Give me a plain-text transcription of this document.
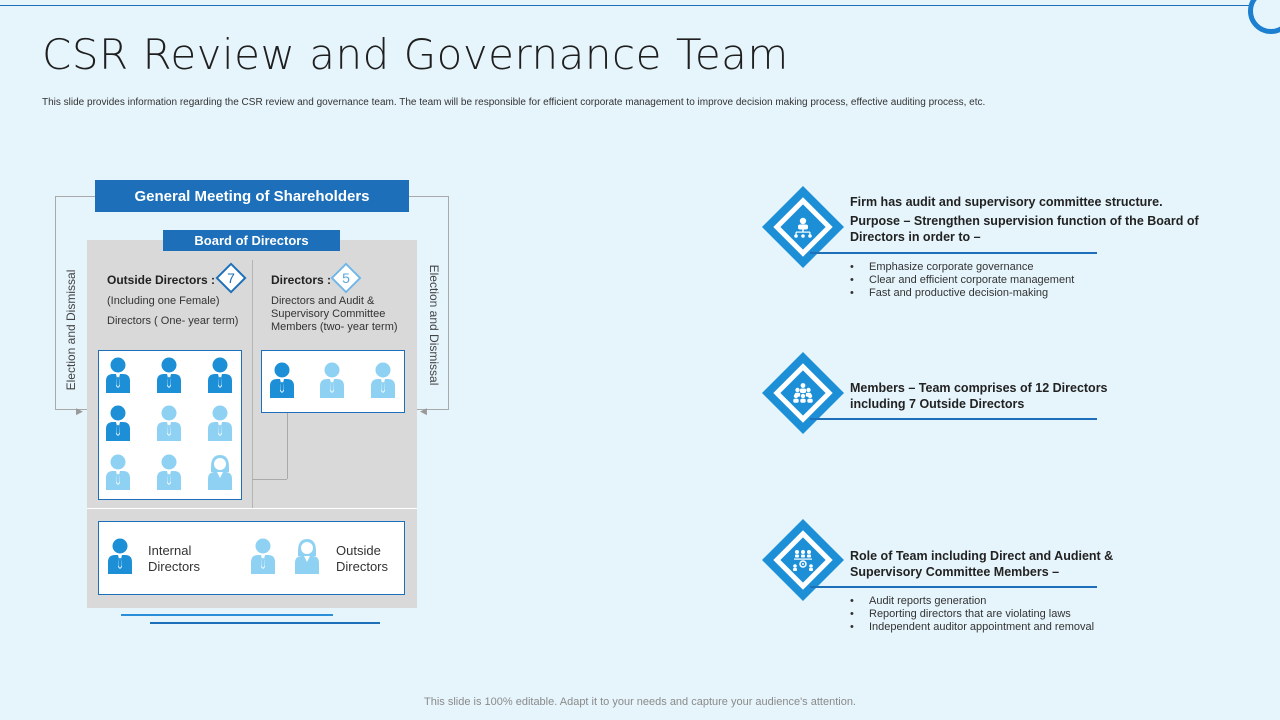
CSR Review and Governance Team

This slide provides information regarding the CSR review and governance team. The team will be responsible for efficient corporate management to improve decision making process, effective auditing process, etc.

▶	◀
Election and Dismissal	Election and Dismissal
General Meeting of Shareholders
Board of Directors
Outside Directors : 7
(Including one Female)
Directors ( One- year term)
Directors : 5
Directors and Audit & Supervisory Committee Members (two- year term)
Internal Directors
Outside Directors
Firm has audit and supervisory committee structure.
Purpose – Strengthen supervision function of the Board of Directors in order to –
• Emphasize corporate governance
• Clear and efficient corporate management
• Fast and productive decision-making
Members – Team comprises of 12 Directors including 7 Outside Directors
Role of Team including Direct and Audient & Supervisory Committee Members –
• Audit reports generation
• Reporting directors that are violating laws
• Independent auditor appointment and removal
This slide is 100% editable. Adapt it to your needs and capture your audience's attention.
